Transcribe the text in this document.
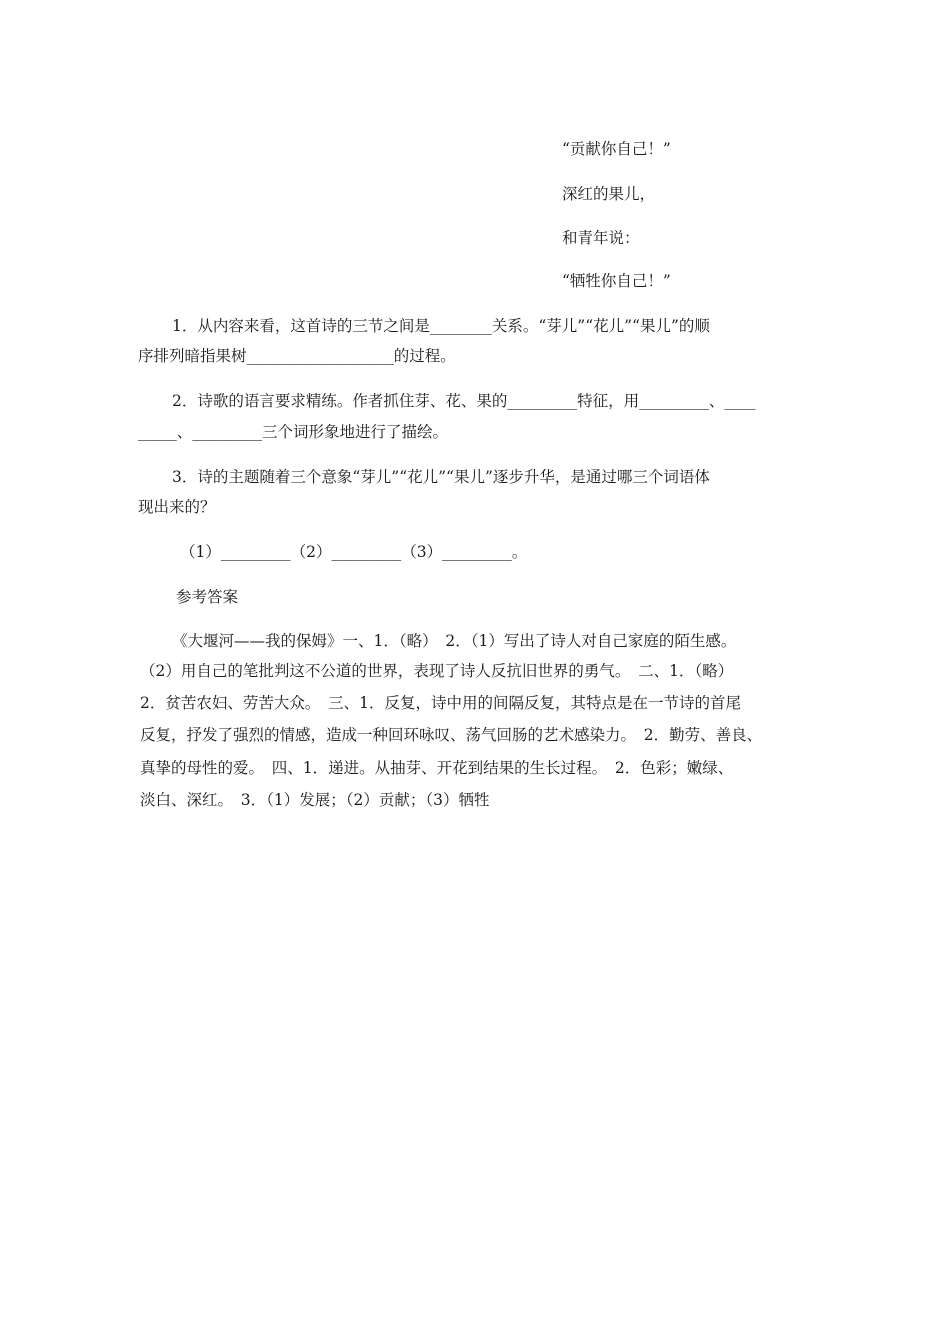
“贡献你自己！”
深红的果儿，
和青年说：
“牺牲你自己！”
1．从内容来看，这首诗的三节之间是________关系。“芽儿”“花儿”“果儿”的顺
序排列暗指果树___________________的过程。
2．诗歌的语言要求精练。作者抓住芽、花、果的_________特征，用_________、____
_____、_________三个词形象地进行了描绘。
3．诗的主题随着三个意象“芽儿”“花儿”“果儿”逐步升华，是通过哪三个词语体
现出来的？
（1）_________（2）_________（3）_________。
参考答案
《大堰河——我的保姆》一、1．（略）　2．（1）写出了诗人对自己家庭的陌生感。
（2）用自己的笔批判这不公道的世界，表现了诗人反抗旧世界的勇气。　二、1．（略）
2．贫苦农妇、劳苦大众。　三、1．反复，诗中用的间隔反复，其特点是在一节诗的首尾
反复，抒发了强烈的情感，造成一种回环咏叹、荡气回肠的艺术感染力。　2．勤劳、善良、
真挚的母性的爱。　四、1．递进。从抽芽、开花到结果的生长过程。　2．色彩；嫩绿、
淡白、深红。　3．（1）发展；（2）贡献；（3）牺牲
